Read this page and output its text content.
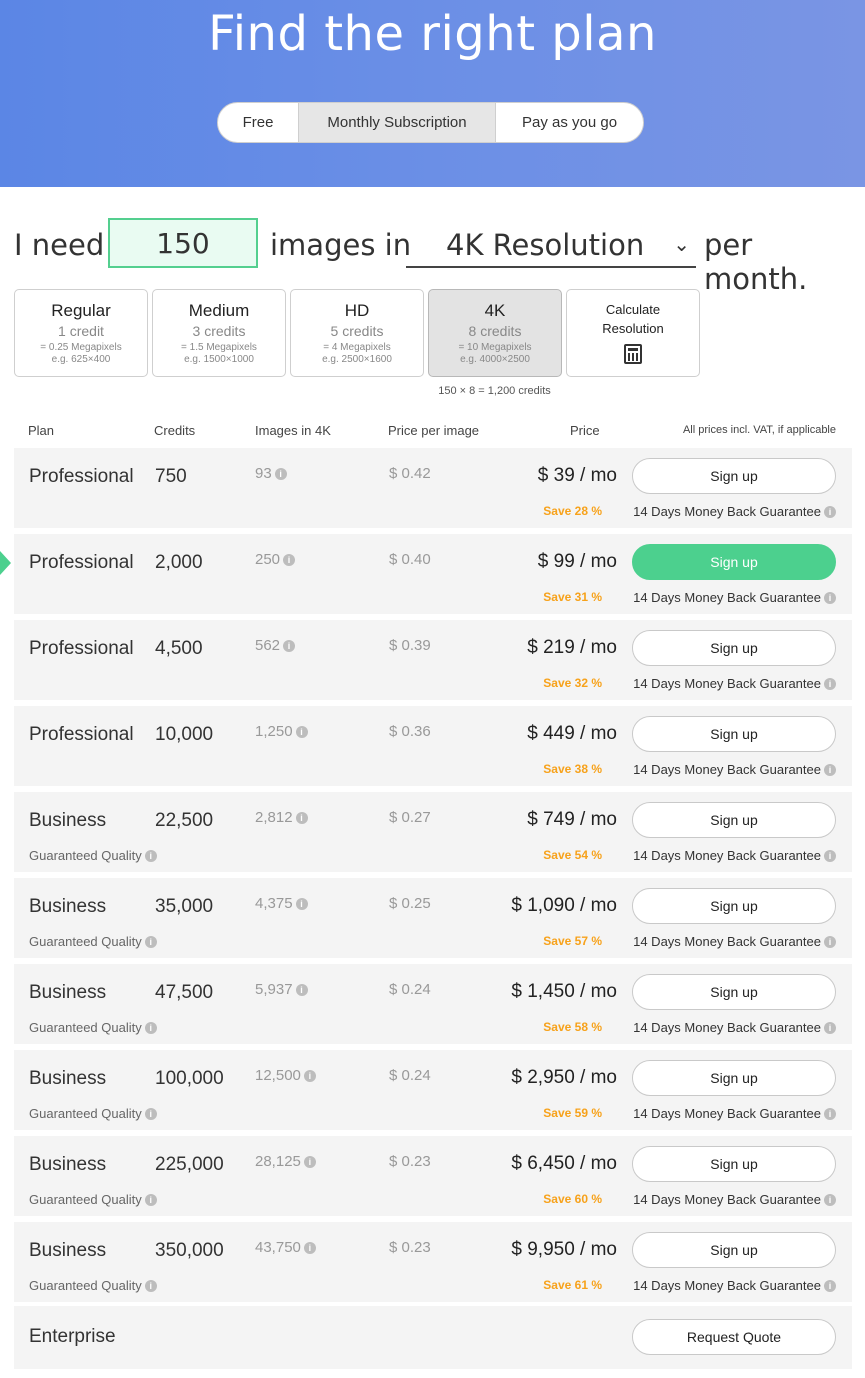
Find the right plan
Free	Monthly Subscription	Pay as you go
I need
150	images in	4K Resolution ⌄ per month.
Regular
1 credit
= 0.25 Megapixels
e.g. 625×400
Medium
3 credits
= 1.5 Megapixels
e.g. 1500×1000
HD
5 credits
= 4 Megapixels
e.g. 2500×1600
4K
8 credits
= 10 Megapixels
e.g. 4000×2500
Calculate
Resolution
150 × 8 = 1,200 credits
Plan	Credits	Images in 4K	Price per image	Price	All prices incl. VAT, if applicable
Professional 750	93 i	$ 0.42	$ 39 / mo	Sign up
Save 28 % 14 Days Money Back Guarantee i
Professional 2,000	250 i	$ 0.40	$ 99 / mo	Sign up
Save 31 % 14 Days Money Back Guarantee i
Professional 4,500	562 i	$ 0.39	$ 219 / mo	Sign up
Save 32 % 14 Days Money Back Guarantee i
Professional 10,000	1,250 i	$ 0.36	$ 449 / mo	Sign up
Save 38 % 14 Days Money Back Guarantee i
Business	22,500	2,812 i	$ 0.27	$ 749 / mo	Sign up
Guaranteed Quality i	Save 54 % 14 Days Money Back Guarantee i
Business	35,000	4,375 i	$ 0.25	$ 1,090 / mo	Sign up
Guaranteed Quality i	Save 57 % 14 Days Money Back Guarantee i
Business	47,500	5,937 i	$ 0.24	$ 1,450 / mo	Sign up
Guaranteed Quality i	Save 58 % 14 Days Money Back Guarantee i
Business	100,000 12,500 i	$ 0.24	$ 2,950 / mo	Sign up
Guaranteed Quality i	Save 59 % 14 Days Money Back Guarantee i
Business	225,000 28,125 i	$ 0.23	$ 6,450 / mo	Sign up
Guaranteed Quality i	Save 60 % 14 Days Money Back Guarantee i
Business	350,000 43,750 i	$ 0.23	$ 9,950 / mo	Sign up
Guaranteed Quality i	Save 61 % 14 Days Money Back Guarantee i
Enterprise	Request Quote
